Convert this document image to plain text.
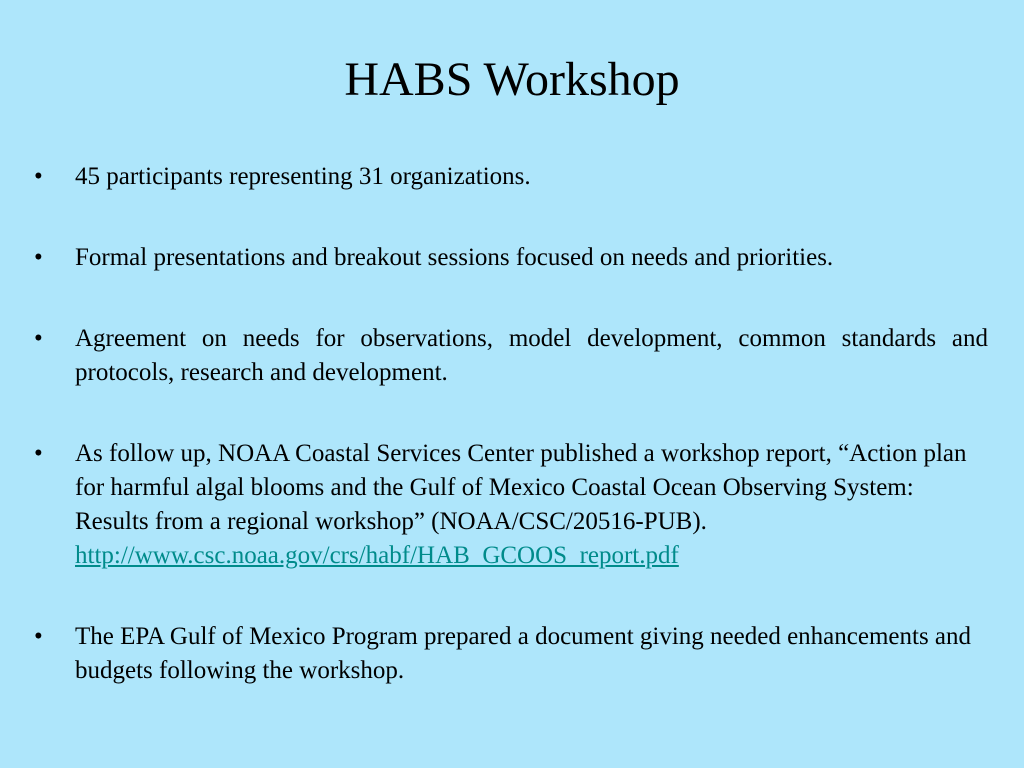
HABS Workshop
•	45 participants representing 31 organizations.
•	Formal presentations and breakout sessions focused on needs and priorities.
•	Agreement on needs for observations, model development, common standards and protocols, research and development.
•	As follow up, NOAA Coastal Services Center published a workshop report, “Action plan for harmful algal blooms and the Gulf of Mexico Coastal Ocean Observing System: Results from a regional workshop” (NOAA/CSC/20516-PUB). http://www.csc.noaa.gov/crs/habf/HAB_GCOOS_report.pdf
•	The EPA Gulf of Mexico Program prepared a document giving needed enhancements and budgets following the workshop.
